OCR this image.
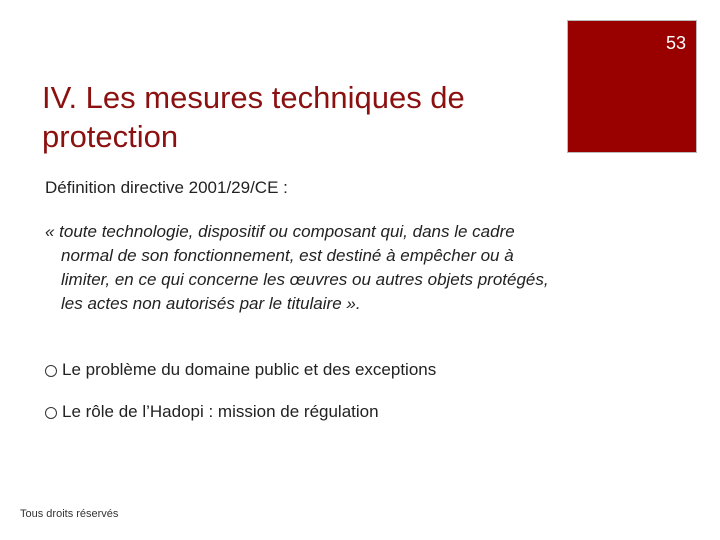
53
IV. Les mesures techniques de protection
Définition directive 2001/29/CE :
« toute technologie, dispositif ou composant qui, dans le cadre normal de son fonctionnement, est destiné à empêcher ou à limiter, en ce qui concerne les œuvres ou autres objets protégés, les actes non autorisés par le titulaire ».
Le problème du domaine public et des exceptions
Le rôle de l’Hadopi : mission de régulation
Tous droits réservés
